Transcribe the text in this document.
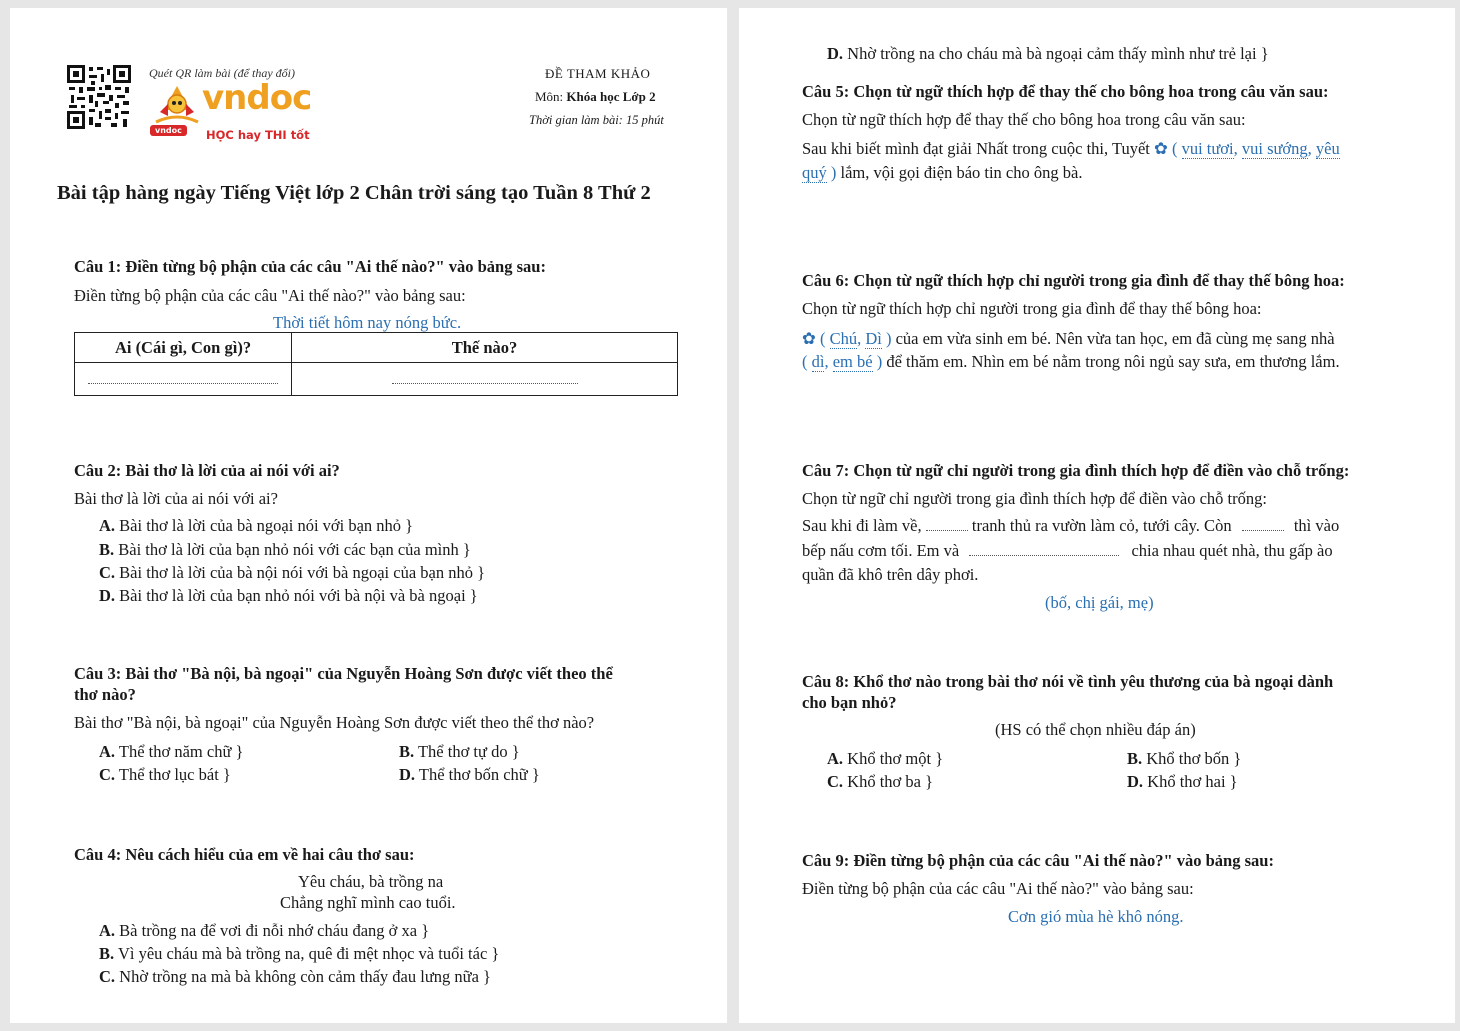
Quét QR làm bài (để thay đổi)
vndoc
vndoc	HỌC hay THI tốt
ĐỀ THAM KHẢO
Môn: Khóa học Lớp 2
Thời gian làm bài: 15 phút
Bài tập hàng ngày Tiếng Việt lớp 2 Chân trời sáng tạo Tuần 8 Thứ 2
Câu 1: Điền từng bộ phận của các câu "Ai thế nào?" vào bảng sau:
Điền từng bộ phận của các câu "Ai thế nào?" vào bảng sau:
Thời tiết hôm nay nóng bức.
Ai (Cái gì, Con gì)?	Thế nào?

Câu 2: Bài thơ là lời của ai nói với ai?
Bài thơ là lời của ai nói với ai?
A. Bài thơ là lời của bà ngoại nói với bạn nhỏ }
B. Bài thơ là lời của bạn nhỏ nói với các bạn của mình }
C. Bài thơ là lời của bà nội nói với bà ngoại của bạn nhỏ }
D. Bài thơ là lời của bạn nhỏ nói với bà nội và bà ngoại }
Câu 3: Bài thơ "Bà nội, bà ngoại" của Nguyễn Hoàng Sơn được viết theo thể
thơ nào?
Bài thơ "Bà nội, bà ngoại" của Nguyễn Hoàng Sơn được viết theo thể thơ nào?
A. Thể thơ năm chữ }	B. Thể thơ tự do }
C. Thể thơ lục bát }	D. Thể thơ bốn chữ }
Câu 4: Nêu cách hiểu của em về hai câu thơ sau:
Yêu cháu, bà trồng na
Chẳng nghĩ mình cao tuổi.
A. Bà trồng na để vơi đi nỗi nhớ cháu đang ở xa }
B. Vì yêu cháu mà bà trồng na, quê đi mệt nhọc và tuổi tác }
C. Nhờ trồng na mà bà không còn cảm thấy đau lưng nữa }
D. Nhờ trồng na cho cháu mà bà ngoại cảm thấy mình như trẻ lại }
Câu 5: Chọn từ ngữ thích hợp để thay thế cho bông hoa trong câu văn sau:
Chọn từ ngữ thích hợp để thay thế cho bông hoa trong câu văn sau:
Sau khi biết mình đạt giải Nhất trong cuộc thi, Tuyết ✿ ( vui tươi, vui sướng, yêu
quý ) lắm, vội gọi điện báo tin cho ông bà.
Câu 6: Chọn từ ngữ thích hợp chỉ người trong gia đình để thay thế bông hoa:
Chọn từ ngữ thích hợp chỉ người trong gia đình để thay thế bông hoa:
✿ ( Chú, Dì ) của em vừa sinh em bé. Nên vừa tan học, em đã cùng mẹ sang nhà
( dì, em bé ) để thăm em. Nhìn em bé nằm trong nôi ngủ say sưa, em thương lắm.
Câu 7: Chọn từ ngữ chỉ người trong gia đình thích hợp để điền vào chỗ trống:
Chọn từ ngữ chỉ người trong gia đình thích hợp để điền vào chỗ trống:
Sau khi đi làm về,	tranh thủ ra vườn làm cỏ, tưới cây. Còn	thì vào
bếp nấu cơm tối. Em và	chia nhau quét nhà, thu gấp ào
quần đã khô trên dây phơi.
(bố, chị gái, mẹ)
Câu 8: Khổ thơ nào trong bài thơ nói về tình yêu thương của bà ngoại dành
cho bạn nhỏ?
(HS có thể chọn nhiều đáp án)
A. Khổ thơ một }	B. Khổ thơ bốn }
C. Khổ thơ ba }	D. Khổ thơ hai }
Câu 9: Điền từng bộ phận của các câu "Ai thế nào?" vào bảng sau:
Điền từng bộ phận của các câu "Ai thế nào?" vào bảng sau:
Cơn gió mùa hè khô nóng.
